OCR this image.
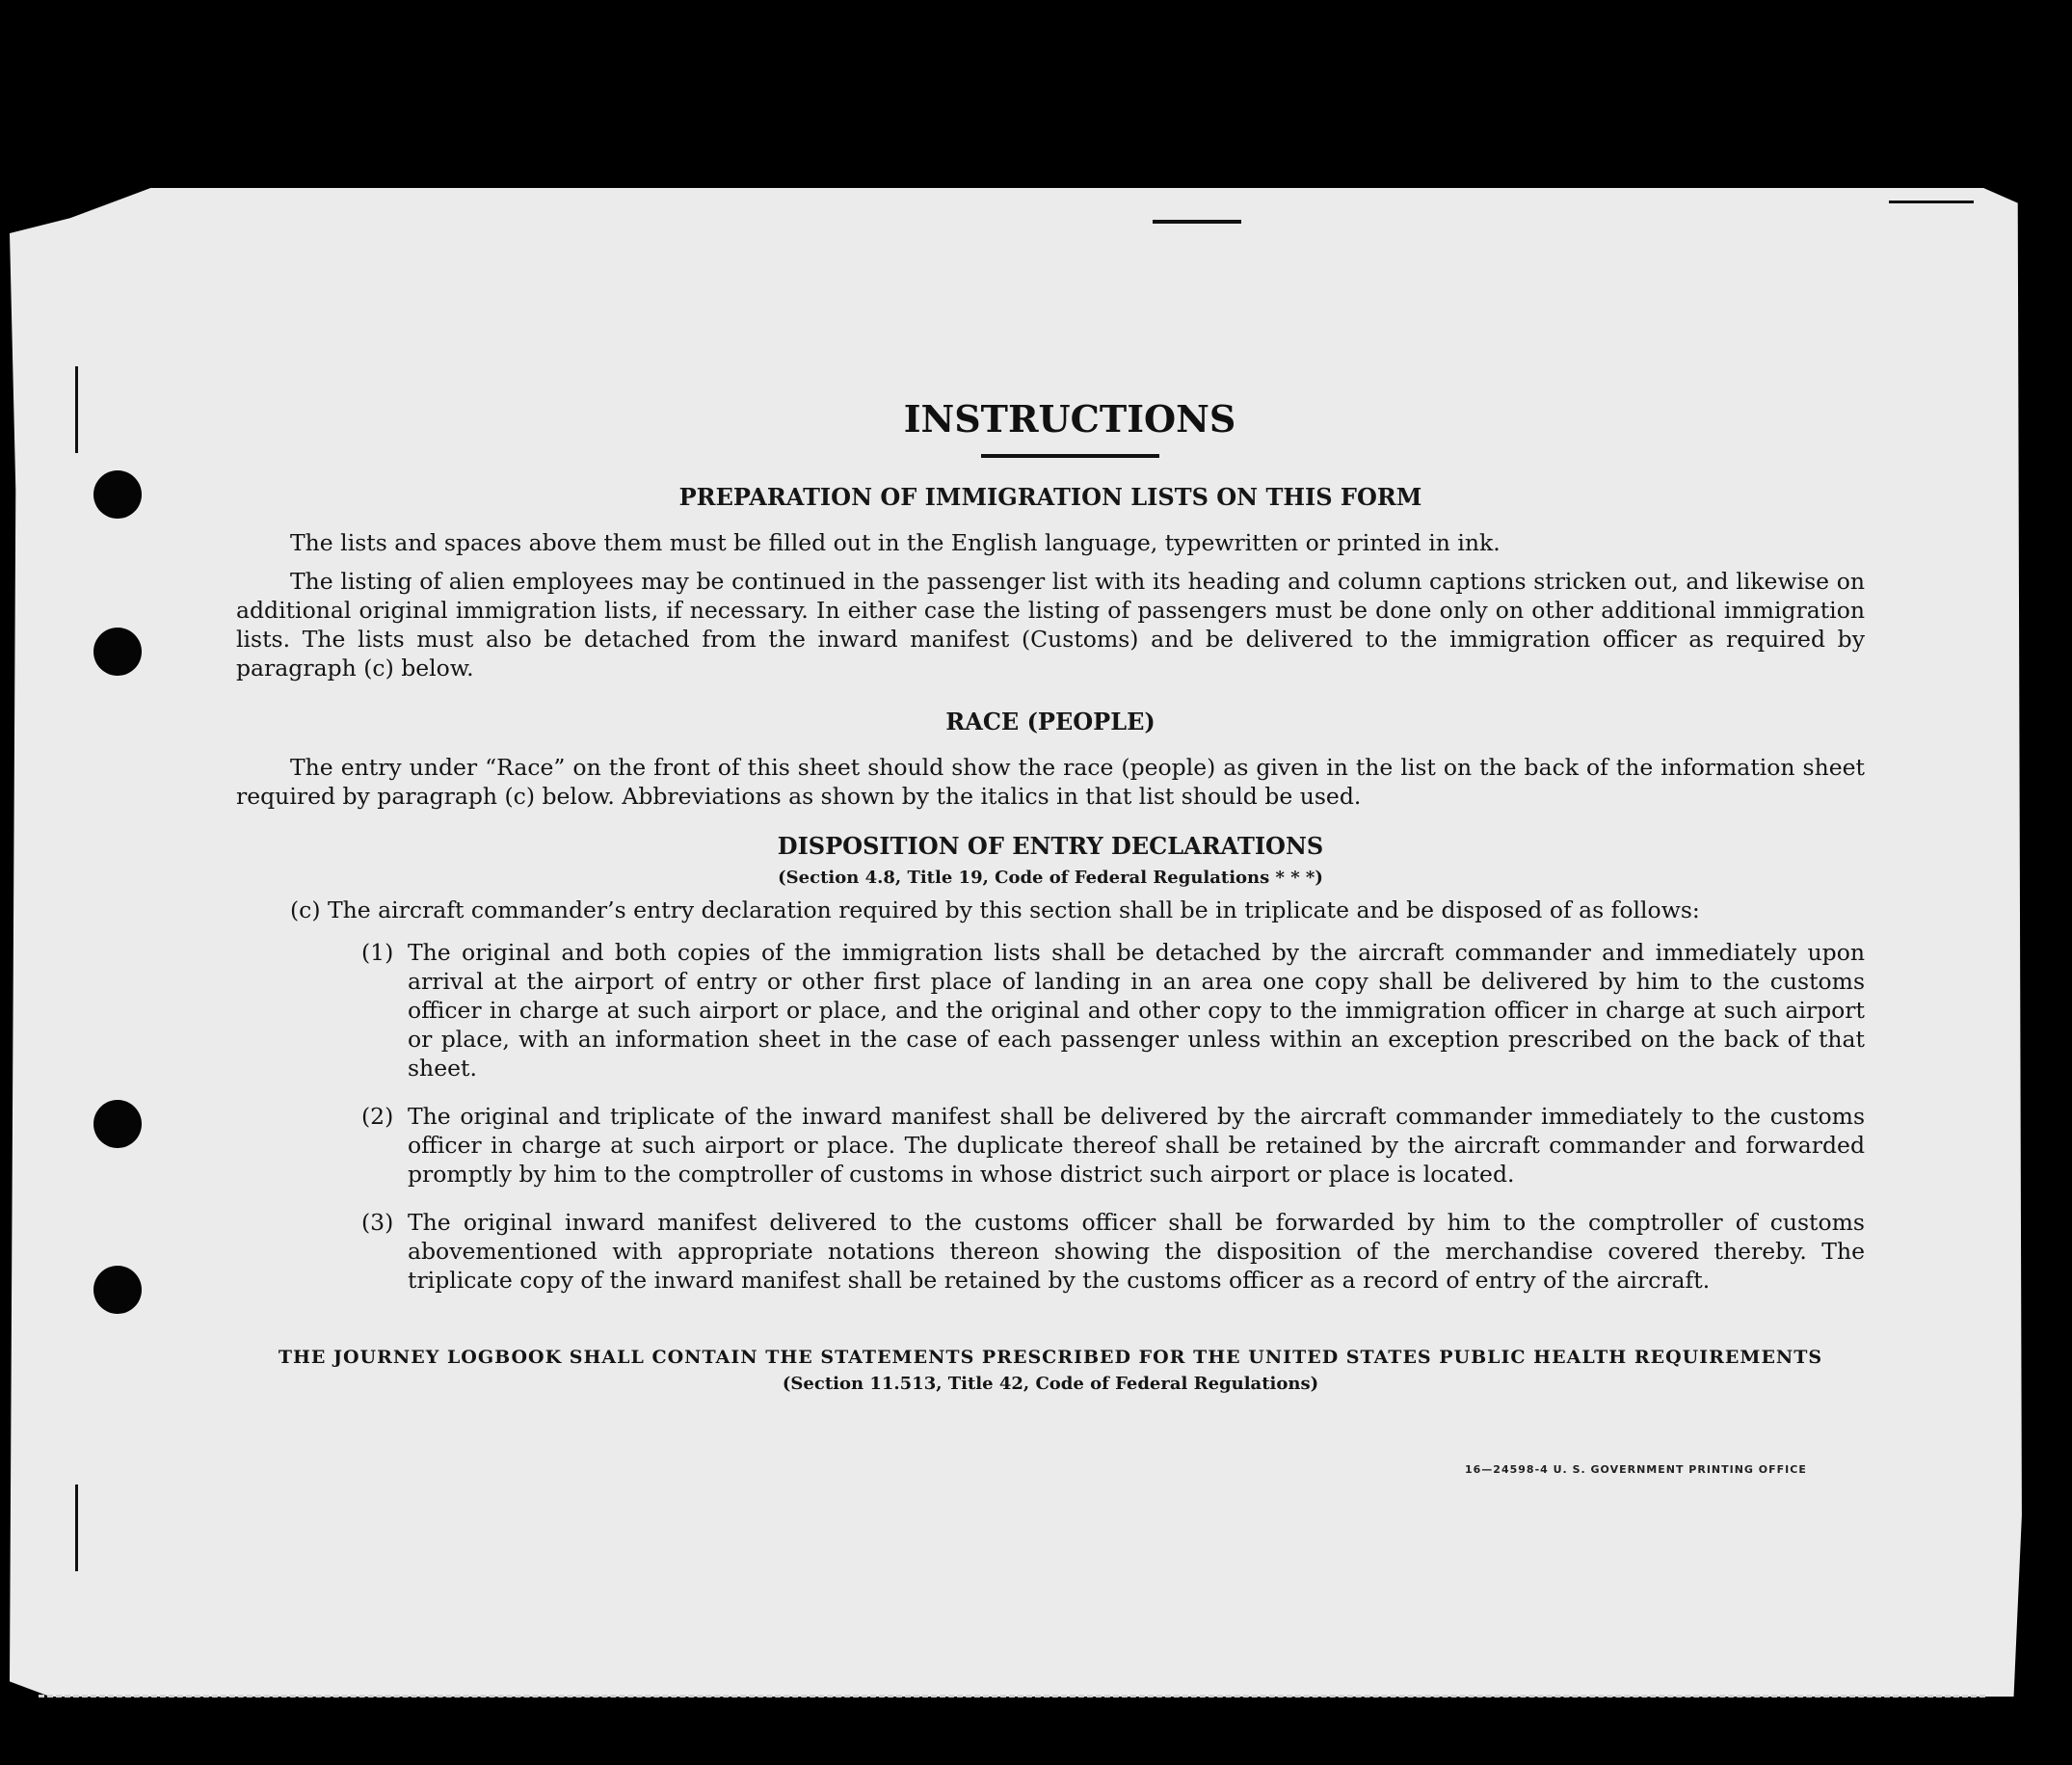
INSTRUCTIONS

PREPARATION OF IMMIGRATION LISTS ON THIS FORM

The lists and spaces above them must be filled out in the English language, typewritten or printed in ink.

The listing of alien employees may be continued in the passenger list with its heading and column captions stricken out, and likewise on additional original immigration lists, if necessary. In either case the listing of passengers must be done only on other additional immigration lists. The lists must also be detached from the inward manifest (Customs) and be delivered to the immigration officer as required by paragraph (c) below.

RACE (PEOPLE)

The entry under “Race” on the front of this sheet should show the race (people) as given in the list on the back of the information sheet required by paragraph (c) below. Abbreviations as shown by the italics in that list should be used.

DISPOSITION OF ENTRY DECLARATIONS

(Section 4.8, Title 19, Code of Federal Regulations * * *)

(c) The aircraft commander’s entry declaration required by this section shall be in triplicate and be disposed of as follows:

(1) The original and both copies of the immigration lists shall be detached by the aircraft commander and immediately upon arrival at the airport of entry or other first place of landing in an area one copy shall be delivered by him to the customs officer in charge at such airport or place, and the original and other copy to the immigration officer in charge at such airport or place, with an information sheet in the case of each passenger unless within an exception prescribed on the back of that sheet.

(2) The original and triplicate of the inward manifest shall be delivered by the aircraft commander immediately to the customs officer in charge at such airport or place. The duplicate thereof shall be retained by the aircraft commander and forwarded promptly by him to the comptroller of customs in whose district such airport or place is located.

(3) The original inward manifest delivered to the customs officer shall be forwarded by him to the comptroller of customs abovementioned with appropriate notations thereon showing the disposition of the merchandise covered thereby. The triplicate copy of the inward manifest shall be retained by the customs officer as a record of entry of the aircraft.

THE JOURNEY LOGBOOK SHALL CONTAIN THE STATEMENTS PRESCRIBED FOR THE UNITED STATES PUBLIC HEALTH REQUIREMENTS

(Section 11.513, Title 42, Code of Federal Regulations)

16—24598-4 U. S. GOVERNMENT PRINTING OFFICE
